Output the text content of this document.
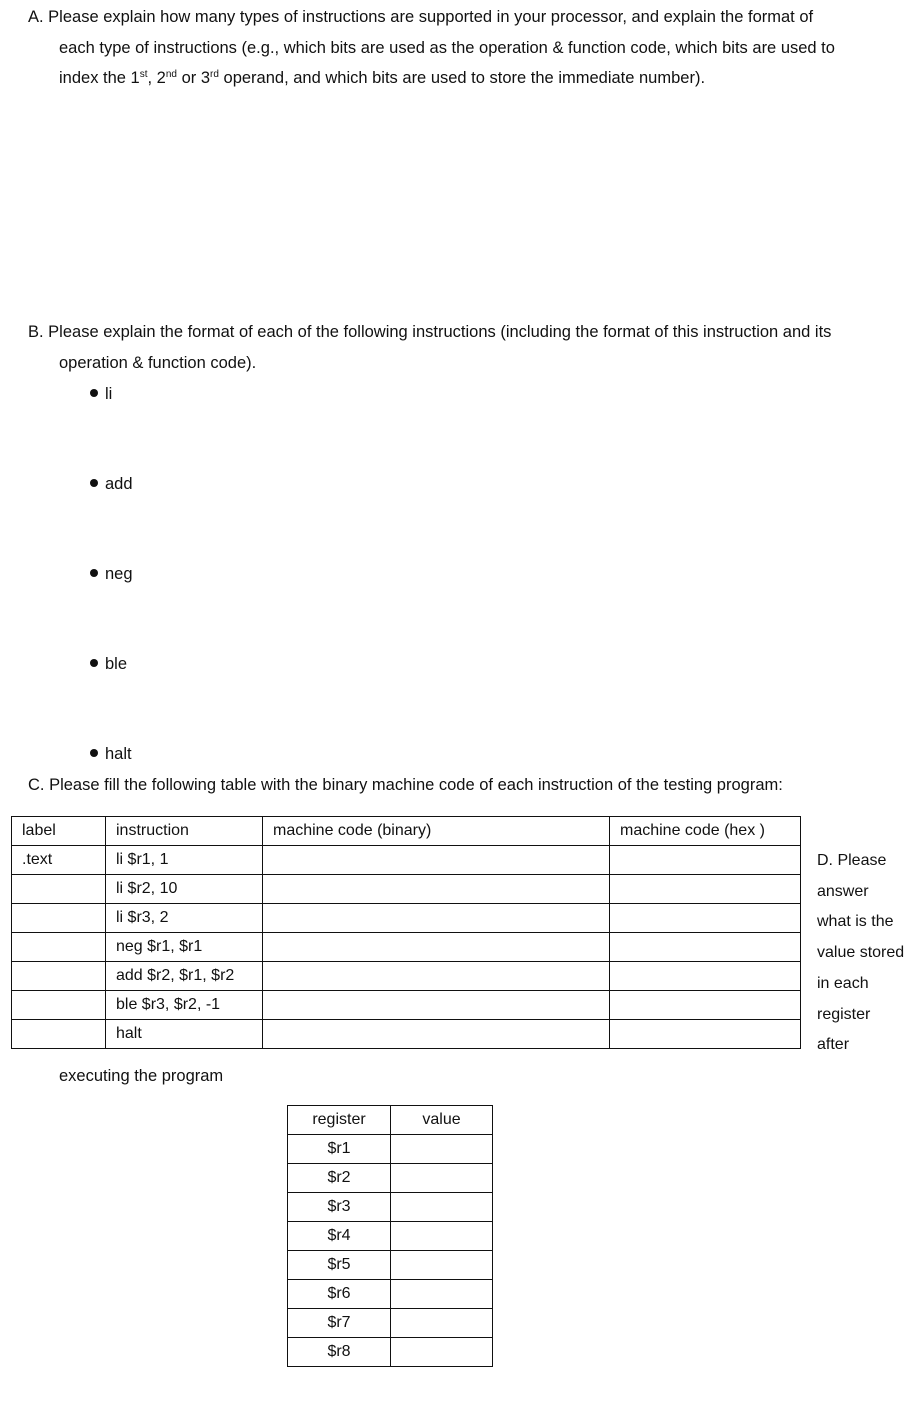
A. Please explain how many types of instructions are supported in your processor, and explain the format of
each type of instructions (e.g., which bits are used as the operation & function code, which bits are used to
index the 1st, 2nd or 3rd operand, and which bits are used to store the immediate number).
B. Please explain the format of each of the following instructions (including the format of this instruction and its
operation & function code).
li
add
neg
ble
halt
C. Please fill the following table with the binary machine code of each instruction of the testing program:
label	instruction	machine code (binary)	machine code (hex )
.text	li $r1, 1		
	li $r2, 10		
	li $r3, 2		
	neg $r1, $r1		
	add $r2, $r1, $r2		
	ble $r3, $r2, -1		
	halt		
D. Please
answer
what is the
value stored
in each
register
after
executing the program
register	value
$r1	
$r2	
$r3	
$r4	
$r5	
$r6	
$r7	
$r8	
